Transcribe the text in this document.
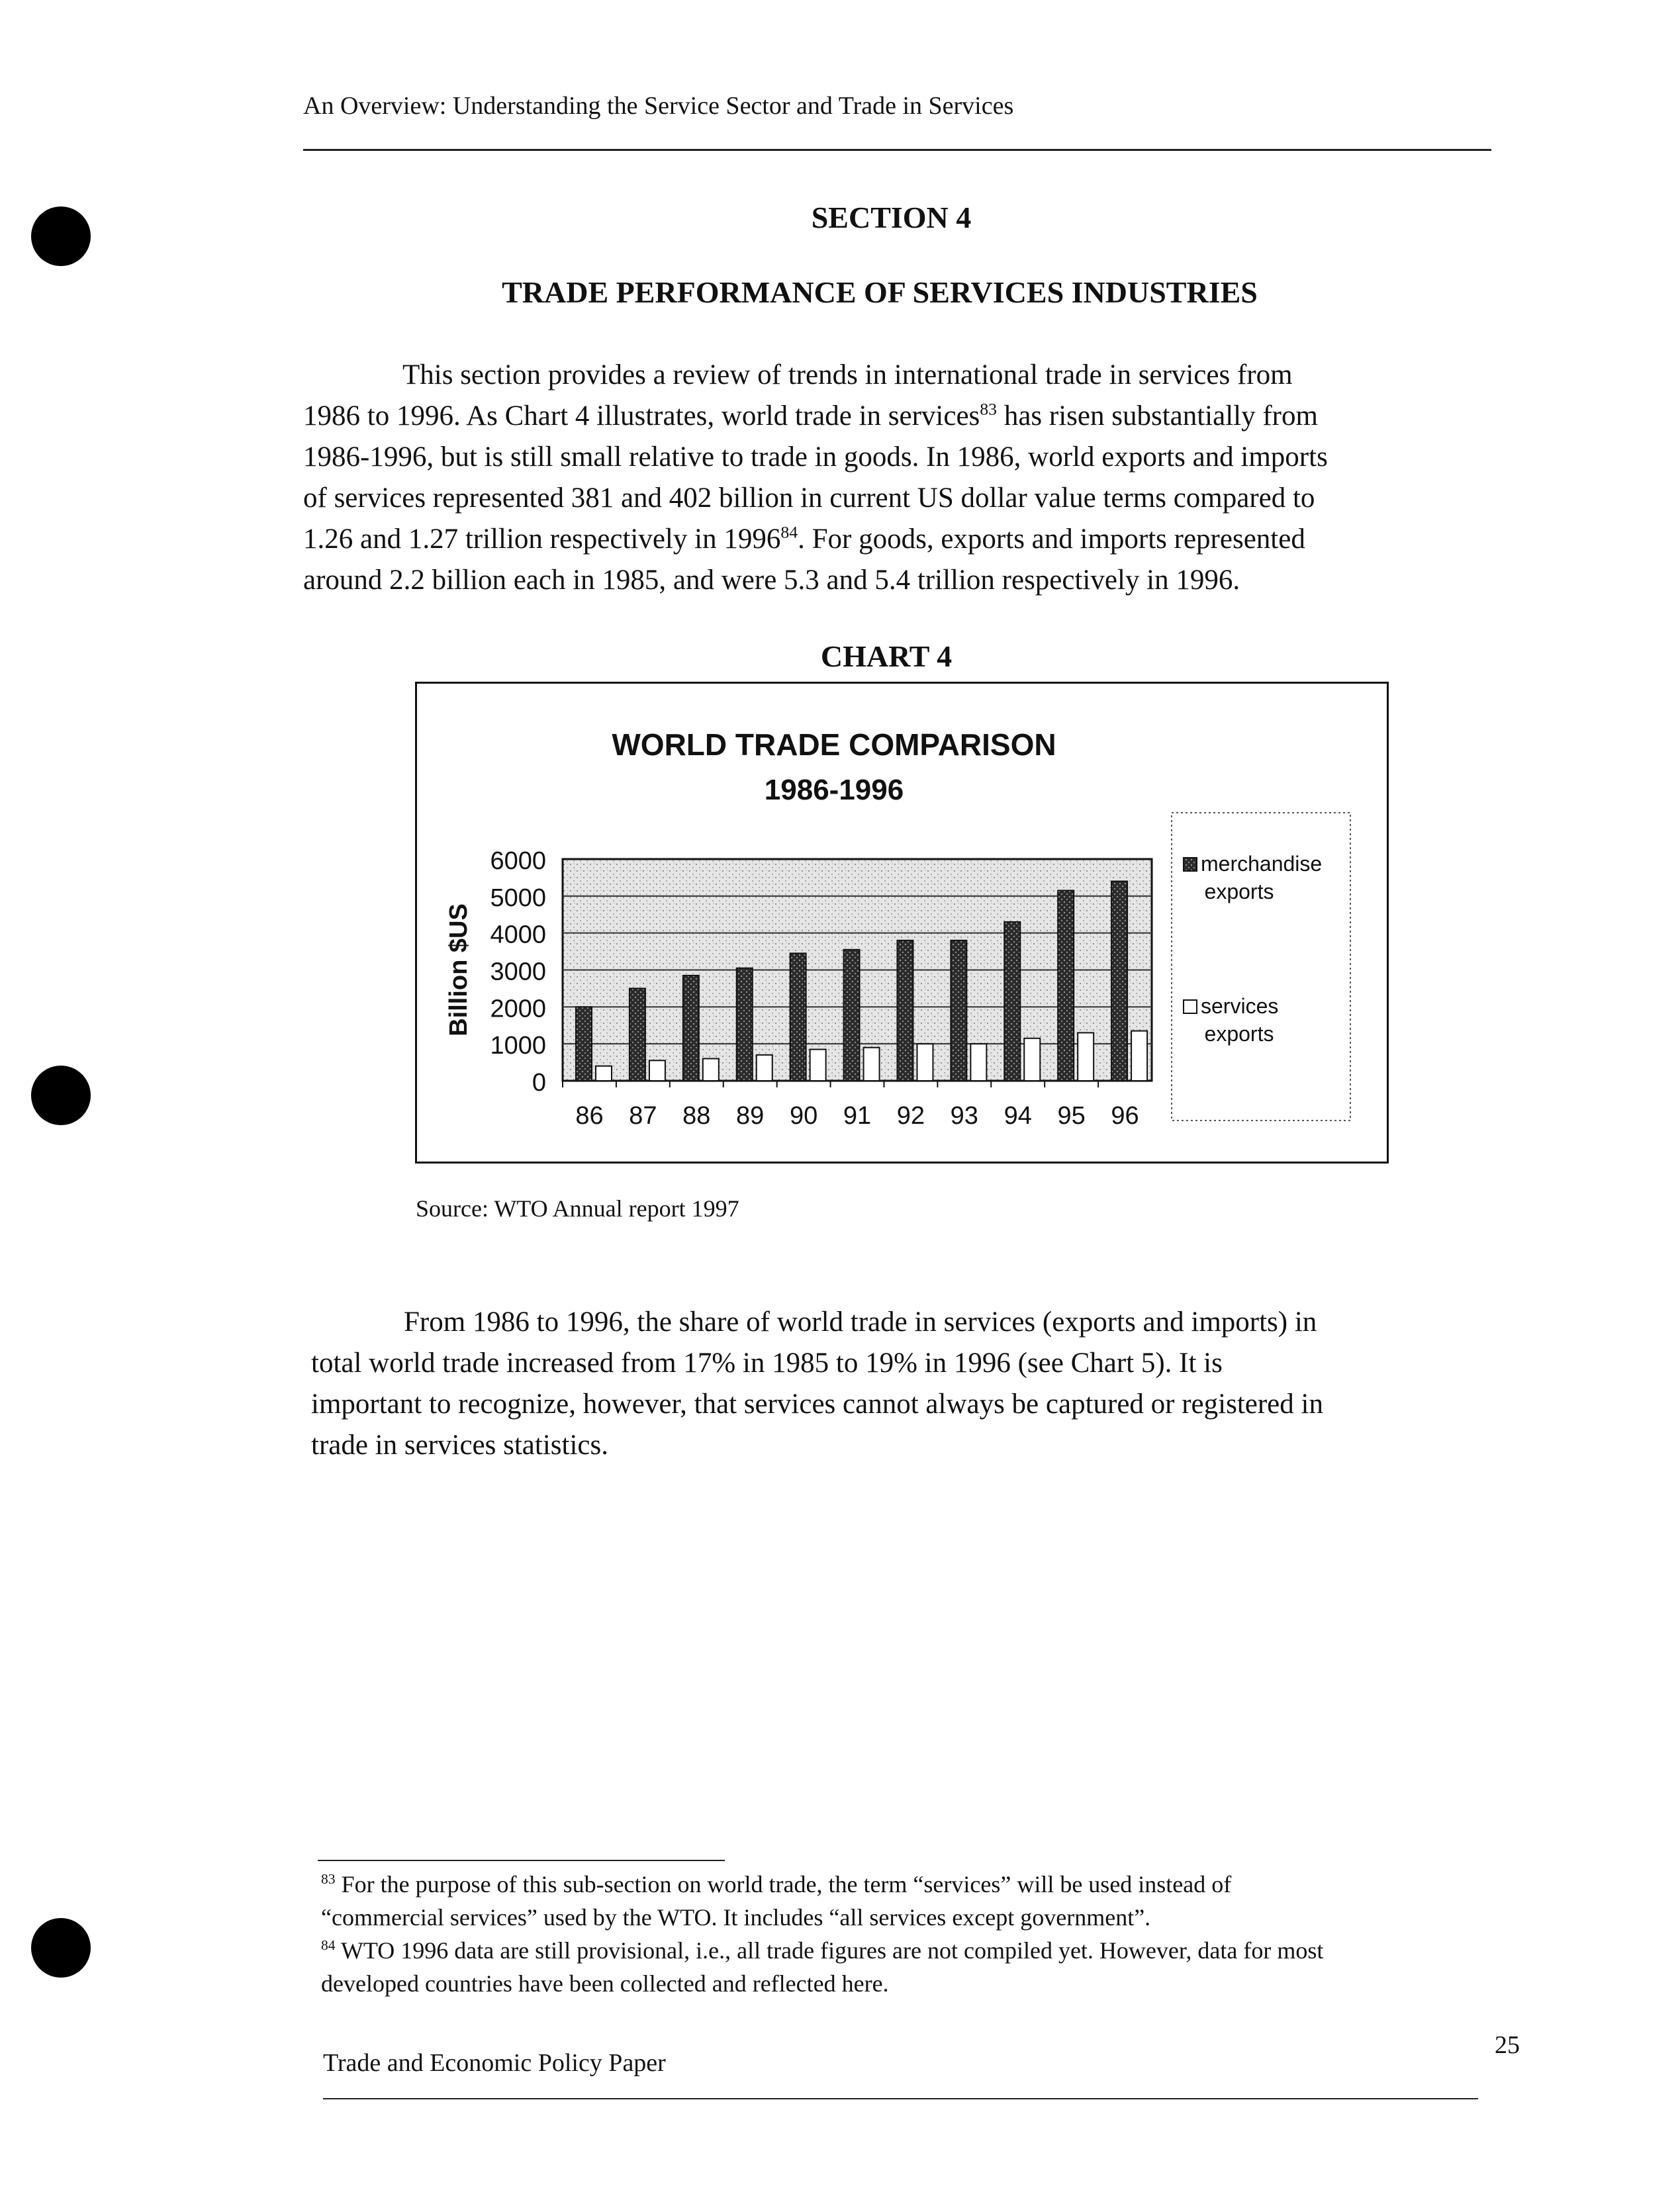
An Overview: Understanding the Service Sector and Trade in Services
SECTION 4
TRADE PERFORMANCE OF SERVICES INDUSTRIES

This section provides a review of trends in international trade in services from

1986 to 1996. As Chart 4 illustrates, world trade in services$^{83}$ has risen substantially from

1986-1996, but is still small relative to trade in goods. In 1986, world exports and imports

of services represented 381 and 402 billion in current US dollar value terms compared to

1.26 and 1.27 trillion respectively in 1996$^{84}$. For goods, exports and imports represented

around 2.2 billion each in 1985, and were 5.3 and 5.4 trillion respectively in 1996.

CHART 4
WORLD TRADE COMPARISON
1986-1996
6000
5000
4000
3000
2000
1000
0
Billion $US
86 87 88 89 90 91 92 93 94 95 96
merchandise
exports
services
exports
Source: WTO Annual report 1997

From 1986 to 1996, the share of world trade in services (exports and imports) in

total world trade increased from 17% in 1985 to 19% in 1996 (see Chart 5). It is

important to recognize, however, that services cannot always be captured or registered in

trade in services statistics.

$^{83}$ For the purpose of this sub-section on world trade, the term “services” will be used instead of
“commercial services” used by the WTO. It includes “all services except government”.
$^{84}$ WTO 1996 data are still provisional, i.e., all trade figures are not compiled yet. However, data for most
developed countries have been collected and reflected here.
Trade and Economic Policy Paper
25
